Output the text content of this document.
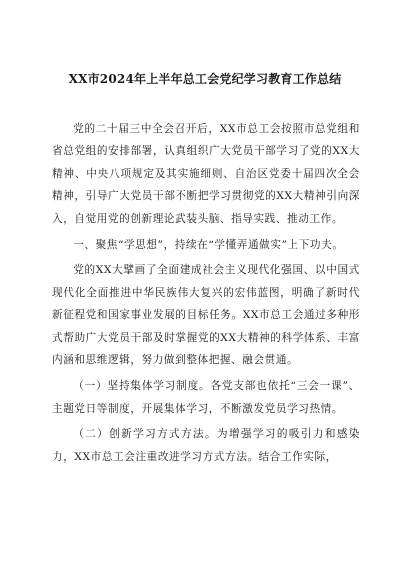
XX市2024年上半年总工会党纪学习教育工作总结

党的二十届三中全会召开后，XX市总工会按照市总党组和省总党组的安排部署，认真组织广大党员干部学习了党的XX大精神、中央八项规定及其实施细则、自治区党委十届四次全会精神，引导广大党员干部不断把学习贯彻党的XX大精神引向深入，自觉用党的创新理论武装头脑、指导实践、推动工作。

一、聚焦“学思想”，持续在“学懂弄通做实”上下功夫。

党的XX大擘画了全面建成社会主义现代化强国、以中国式现代化全面推进中华民族伟大复兴的宏伟蓝图，明确了新时代新征程党和国家事业发展的目标任务。XX市总工会通过多种形式帮助广大党员干部及时掌握党的XX大精神的科学体系、丰富内涵和思维逻辑，努力做到整体把握、融会贯通。

（一）坚持集体学习制度。各党支部也依托“三会一课”、主题党日等制度，开展集体学习，不断激发党员学习热情。

（二）创新学习方式方法。为增强学习的吸引力和感染力，XX市总工会注重改进学习方式方法。结合工作实际，
